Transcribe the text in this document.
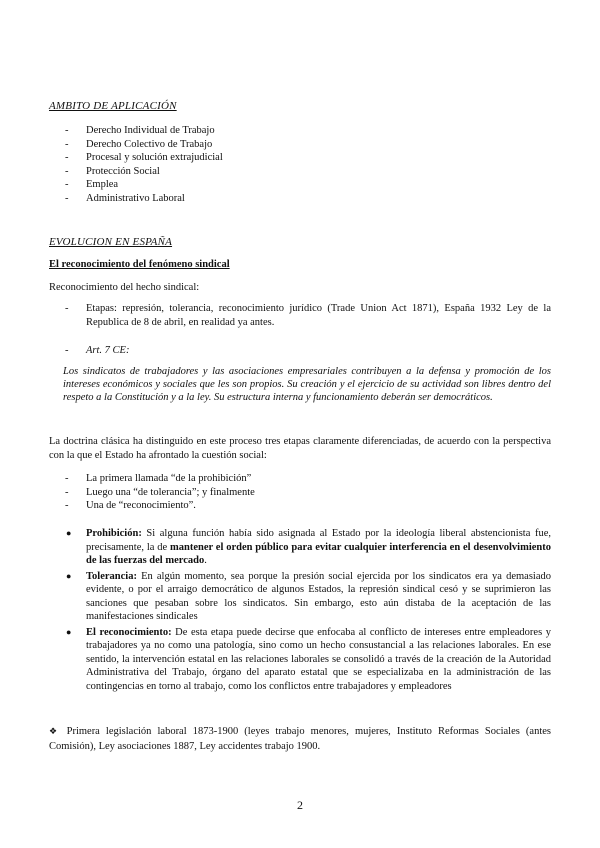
AMBITO DE APLICACIÓN
- Derecho Individual de Trabajo
- Derecho Colectivo de Trabajo
- Procesal y solución extrajudicial
- Protección Social
- Emplea
- Administrativo Laboral
EVOLUCION EN ESPAÑA
El reconocimiento del fenómeno sindical
Reconocimiento del hecho sindical:
- Etapas: represión, tolerancia, reconocimiento jurídico (Trade Union Act 1871), España 1932 Ley de la Republica de 8 de abril, en realidad ya antes.
- Art. 7 CE:
Los sindicatos de trabajadores y las asociaciones empresariales contribuyen a la defensa y promoción de los intereses económicos y sociales que les son propios. Su creación y el ejercicio de su actividad son libres dentro del respeto a la Constitución y a la ley. Su estructura interna y funcionamiento deberán ser democráticos.
La doctrina clásica ha distinguido en este proceso tres etapas claramente diferenciadas, de acuerdo con la perspectiva con la que el Estado ha afrontado la cuestión social:
- La primera llamada “de la prohibición”
- Luego una “de tolerancia”; y finalmente
- Una de “reconocimiento”.
● Prohibición: Si alguna función había sido asignada al Estado por la ideología liberal abstencionista fue, precisamente, la de mantener el orden público para evitar cualquier interferencia en el desenvolvimiento de las fuerzas del mercado.
● Tolerancia: En algún momento, sea porque la presión social ejercida por los sindicatos era ya demasiado evidente, o por el arraigo democrático de algunos Estados, la represión sindical cesó y se suprimieron las sanciones que pesaban sobre los sindicatos. Sin embargo, esto aún distaba de la aceptación de las manifestaciones sindicales
● El reconocimiento: De esta etapa puede decirse que enfocaba al conflicto de intereses entre empleadores y trabajadores ya no como una patología, sino como un hecho consustancial a las relaciones laborales. En ese sentido, la intervención estatal en las relaciones laborales se consolidó a través de la creación de la Autoridad Administrativa del Trabajo, órgano del aparato estatal que se especializaba en la administración de las contingencias en torno al trabajo, como los conflictos entre trabajadores y empleadores
❖ Primera legislación laboral 1873-1900 (leyes trabajo menores, mujeres, Instituto Reformas Sociales (antes Comisión), Ley asociaciones 1887, Ley accidentes trabajo 1900.
2
